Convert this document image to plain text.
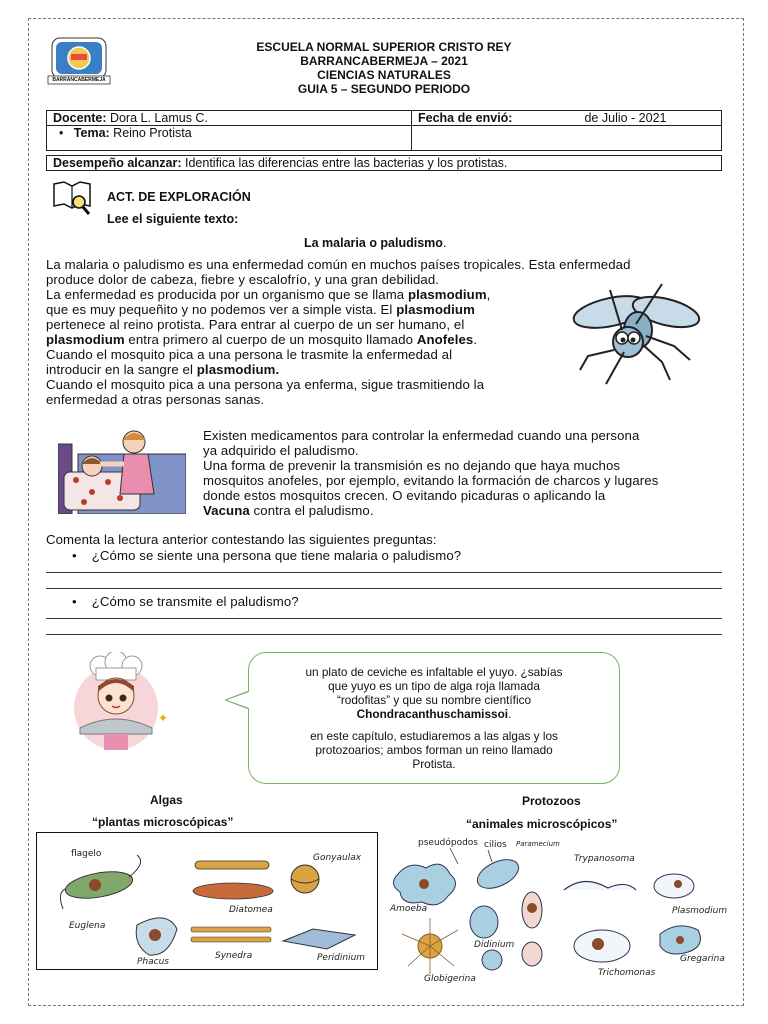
BARRANCABERMEJA
ESCUELA NORMAL SUPERIOR CRISTO REY
BARRANCABERMEJA – 2021
CIENCIAS NATURALES
GUIA 5 – SEGUNDO PERIODO
Docente: Dora L. Lamus C.	Fecha de envió: de Julio - 2021
•   Tema: Reino Protista	

Desempeño alcanzar: Identifica las diferencias entre las bacterias y los protistas.	
ACT. DE EXPLORACIÓN
Lee el siguiente texto:
La malaria o paludismo.
La malaria o paludismo es una enfermedad común en muchos países tropicales. Esta enfermedad
produce dolor de cabeza, fiebre y escalofrío, y una gran debilidad.
La enfermedad es producida por un organismo que se llama plasmodium,
que es muy pequeñito y no podemos ver a simple vista. El plasmodium
pertenece al reino protista. Para entrar al cuerpo de un ser humano, el
plasmodium entra primero al cuerpo de un mosquito llamado Anofeles.
Cuando el mosquito pica a una persona le trasmite la enfermedad al
introducir en la sangre el plasmodium.
Cuando el mosquito pica a una persona ya enferma, sigue trasmitiendo la
enfermedad a otras personas sanas.
Existen medicamentos para controlar la enfermedad cuando una persona
ya adquirido el paludismo.
Una forma de prevenir la transmisión es no dejando que haya muchos
mosquitos anofeles, por ejemplo, evitando la formación de charcos y lugares
donde estos mosquitos crecen. O evitando picaduras o aplicando la
Vacuna contra el paludismo.
Comenta la lectura anterior contestando las siguientes preguntas:
•    ¿Cómo se siente una persona que tiene malaria o paludismo?
•    ¿Cómo se transmite el paludismo?
✦
un plato de ceviche es infaltable el yuyo. ¿sabías
que yuyo es un tipo de alga roja llamada
“rodofitas” y que su nombre científico
Chondracanthuschamissoi.
en este capítulo, estudiaremos a las algas y los
protozoarios; ambos forman un reino llamado
Protista.
Algas
“plantas microscópicas”
Protozoos
“animales microscópicos”
flagelo
Euglena
Phacus
Diatomea
Synedra
Gonyaulax
Peridinium
pseudópodos cilios Paramecium
Amoeba
Didinium
Globigerina
Trypanosoma
Trichomonas
Plasmodium
Gregarina
